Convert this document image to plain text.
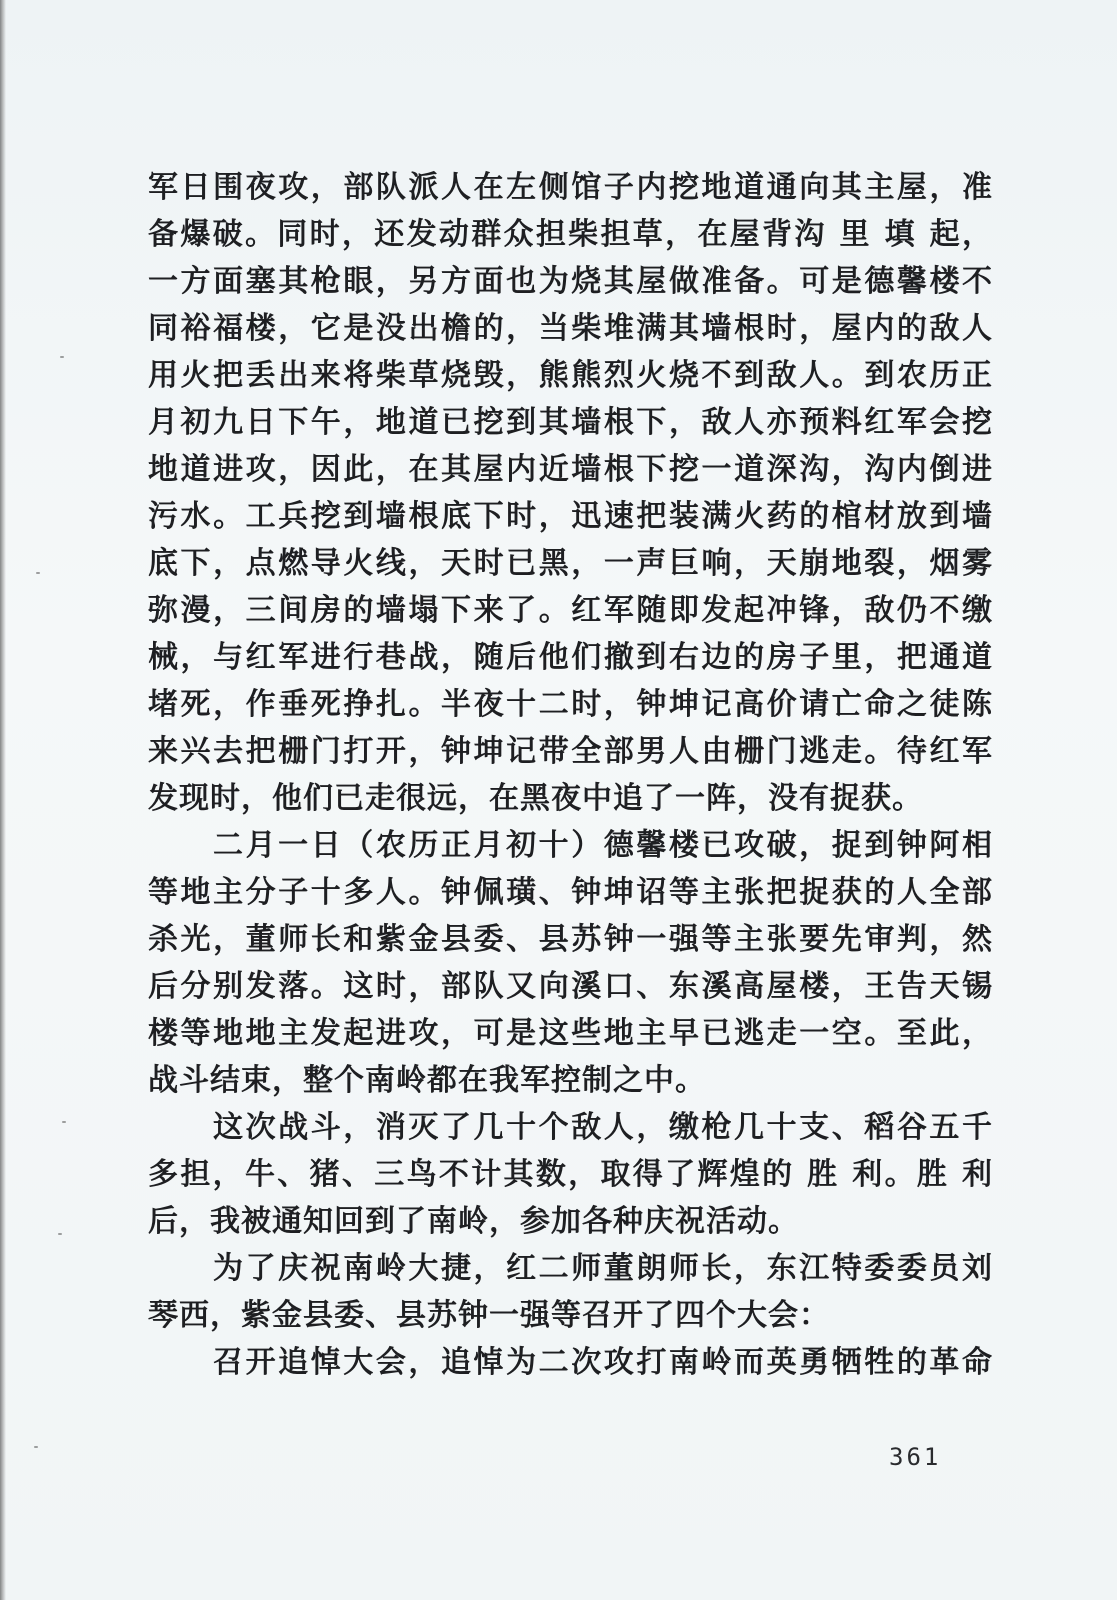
军日围夜攻，部队派人在左侧馆子内挖地道通向其主屋，准
备爆破。同时，还发动群众担柴担草，在屋背沟 里 填 起，
一方面塞其枪眼，另方面也为烧其屋做准备。可是德馨楼不
同裕福楼，它是没出檐的，当柴堆满其墙根时，屋内的敌人
用火把丢出来将柴草烧毁，熊熊烈火烧不到敌人。到农历正
月初九日下午，地道已挖到其墙根下，敌人亦预料红军会挖
地道进攻，因此，在其屋内近墙根下挖一道深沟，沟内倒进
污水。工兵挖到墙根底下时，迅速把装满火药的棺材放到墙
底下，点燃导火线，天时已黑，一声巨响，天崩地裂，烟雾
弥漫，三间房的墙塌下来了。红军随即发起冲锋，敌仍不缴
械，与红军进行巷战，随后他们撤到右边的房子里，把通道
堵死，作垂死挣扎。半夜十二时，钟坤记高价请亡命之徒陈
来兴去把栅门打开，钟坤记带全部男人由栅门逃走。待红军
发现时，他们已走很远，在黑夜中追了一阵，没有捉获。
二月一日（农历正月初十）德馨楼已攻破，捉到钟阿相
等地主分子十多人。钟佩璜、钟坤诏等主张把捉获的人全部
杀光，董师长和紫金县委、县苏钟一强等主张要先审判，然
后分别发落。这时，部队又向溪口、东溪高屋楼，王告天锡
楼等地地主发起进攻，可是这些地主早已逃走一空。至此，
战斗结束，整个南岭都在我军控制之中。
这次战斗，消灭了几十个敌人，缴枪几十支、稻谷五千
多担，牛、猪、三鸟不计其数，取得了辉煌的 胜 利。胜 利
后，我被通知回到了南岭，参加各种庆祝活动。
为了庆祝南岭大捷，红二师董朗师长，东江特委委员刘
琴西，紫金县委、县苏钟一强等召开了四个大会：
召开追悼大会，追悼为二次攻打南岭而英勇牺牲的革命
361
